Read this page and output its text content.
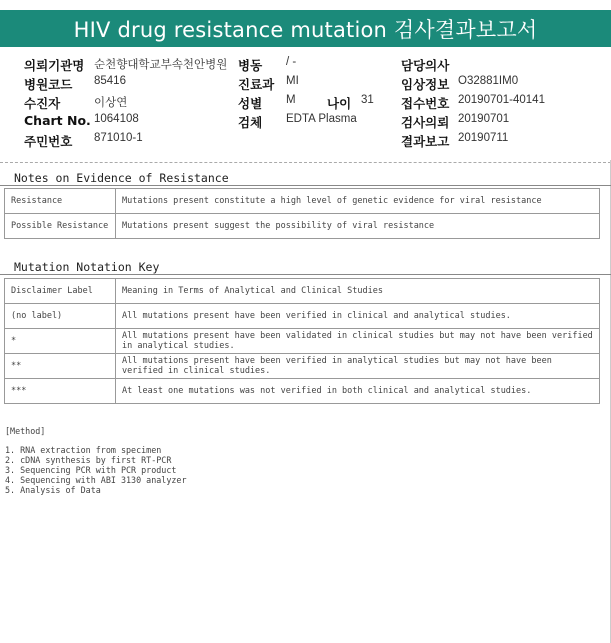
HIV drug resistance mutation 검사결과보고서
의뢰기관명 순천향대학교부속천안병원 병동 / -	담당의사
병원코드 85416	진료과 MI	임상정보 O32881IM0
수진자	이상연	성별 M	나이 31 접수번호 20190701-40141
Chart No. 1064108	검체 EDTA Plasma	검사의뢰 20190701
주민번호 871010-1	결과보고 20190711
Notes on Evidence of Resistance
Resistance	Mutations present constitute a high level of genetic evidence for viral resistance
Possible Resistance	Mutations present suggest the possibility of viral resistance
Mutation Notation Key
Disclaimer Label	Meaning in Terms of Analytical and Clinical Studies
(no label)	All mutations present have been verified in clinical and analytical studies.
*	All mutations present have been validated in clinical studies but may not have been verified in analytical studies.
**	All mutations present have been verified in analytical studies but may not have been verified in clinical studies.
***	At least one mutations was not verified in both clinical and analytical studies.
[Method]
1. RNA extraction from specimen
2. cDNA synthesis by first RT-PCR
3. Sequencing PCR with PCR product
4. Sequencing with ABI 3130 analyzer
5. Analysis of Data
